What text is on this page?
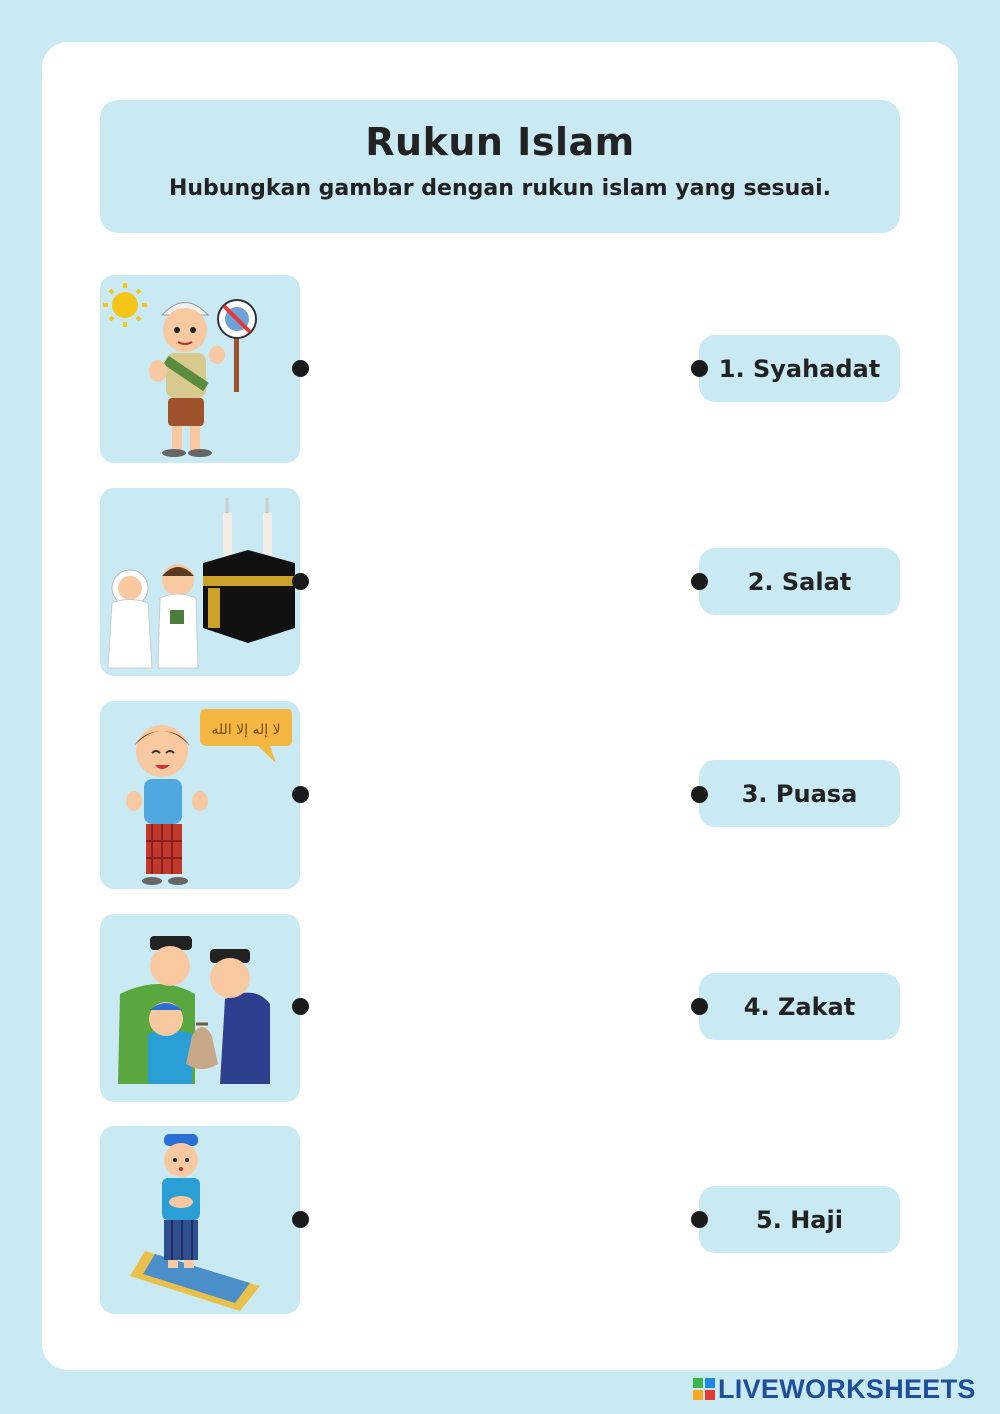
Rukun Islam
Hubungkan gambar dengan rukun islam yang sesuai.
لا إله إلا الله
1. Syahadat
2. Salat
3. Puasa
4. Zakat
5. Haji
LIVEWORKSHEETS
